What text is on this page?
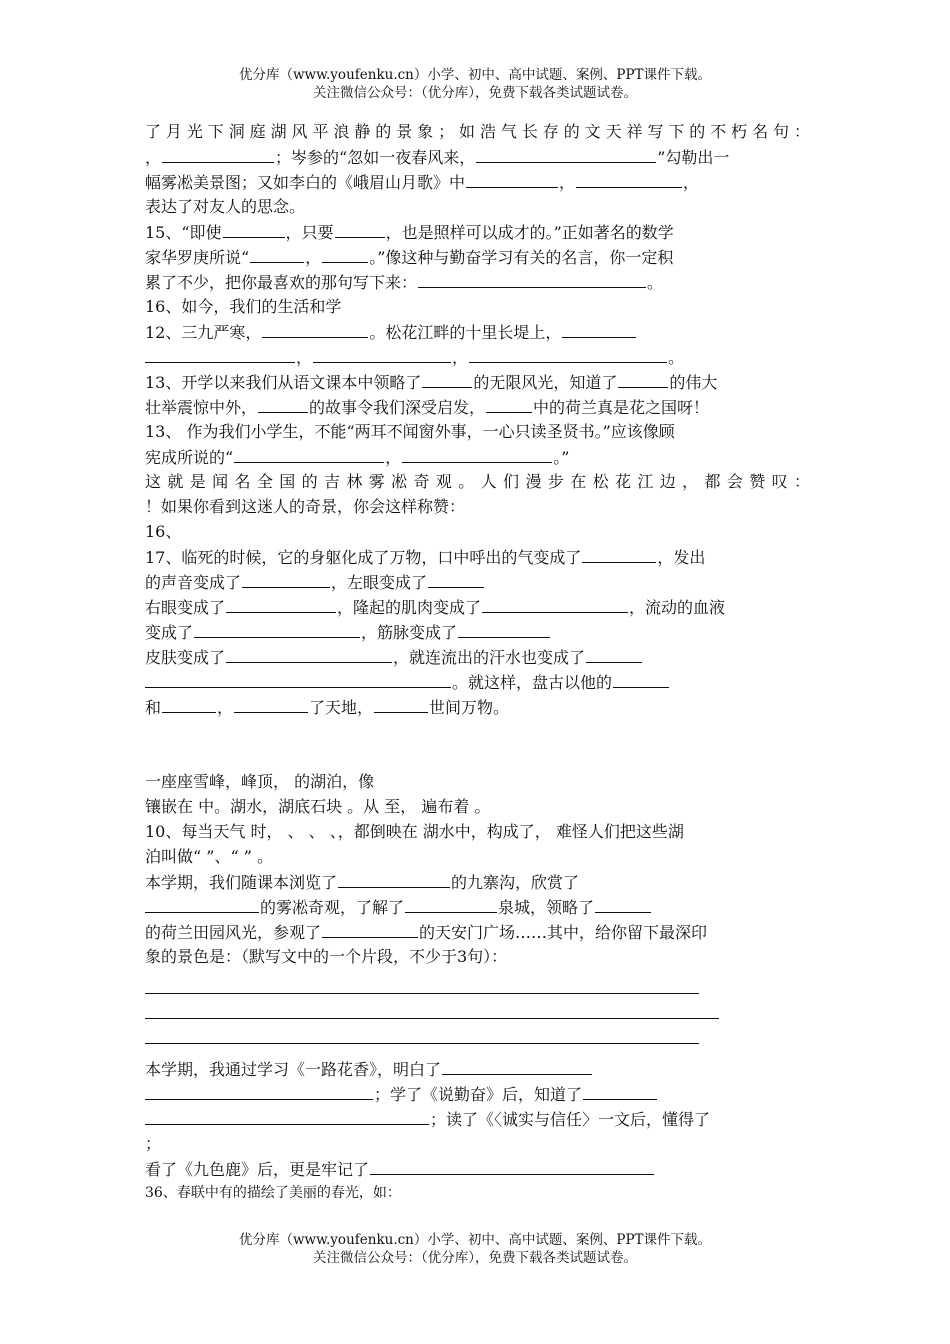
优分库（www.youfenku.cn）小学、初中、高中试题、案例、PPT课件下载。
关注微信公众号：（优分库），免费下载各类试题试卷。
了月光下洞庭湖风平浪静的景象；如浩气长存的文天祥写下的不朽名句：
，	；岑参的“忽如一夜春风来，	”勾勒出一
幅雾凇美景图；又如李白的《峨眉山月歌》中	，	，
表达了对友人的思念。
15、“即使	，只要	，也是照样可以成才的。”正如著名的数学
家华罗庚所说“	，	。”像这种与勤奋学习有关的名言，你一定积
累了不少，把你最喜欢的那句写下来：	。
16、如今，我们的生活和学
12、三九严寒，	。松花江畔的十里长堤上，
，	，	。
13、开学以来我们从语文课本中领略了	的无限风光，知道了	的伟大
壮举震惊中外，	的故事令我们深受启发，	中的荷兰真是花之国呀！
13、 作为我们小学生，不能“两耳不闻窗外事，一心只读圣贤书。”应该像顾
宪成所说的“	，	。”
这就是闻名全国的吉林雾凇奇观。人们漫步在松花江边，都会赞叹：
！如果你看到这迷人的奇景，你会这样称赞：
16、
17、临死的时候，它的身躯化成了万物，口中呼出的气变成了	，发出
的声音变成了	，左眼变成了
右眼变成了	，隆起的肌肉变成了	，流动的血液
变成了	，筋脉变成了
皮肤变成了	，就连流出的汗水也变成了
。就这样，盘古以他的
和	，	了天地，	世间万物。
一座座雪峰，峰顶， 的湖泊，像
镶嵌在 中。湖水，湖底石块 。从 至， 遍布着 。
10、每当天气 时， 、 、 、，都倒映在 湖水中，构成了， 难怪人们把这些湖
泊叫做“ ”、“ ” 。
本学期，我们随课本浏览了	的九寨沟，欣赏了
的雾凇奇观，了解了	泉城，领略了
的荷兰田园风光，参观了	的天安门广场……其中，给你留下最深印
象的景色是：（默写文中的一个片段，不少于3句）：
本学期，我通过学习《一路花香》，明白了
；学了《说勤奋》后，知道了
；读了《〈诚实与信任〉一文后，懂得了
；
看了《九色鹿》后，更是牢记了
36、春联中有的描绘了美丽的春光，如：
优分库（www.youfenku.cn）小学、初中、高中试题、案例、PPT课件下载。
关注微信公众号：（优分库），免费下载各类试题试卷。
